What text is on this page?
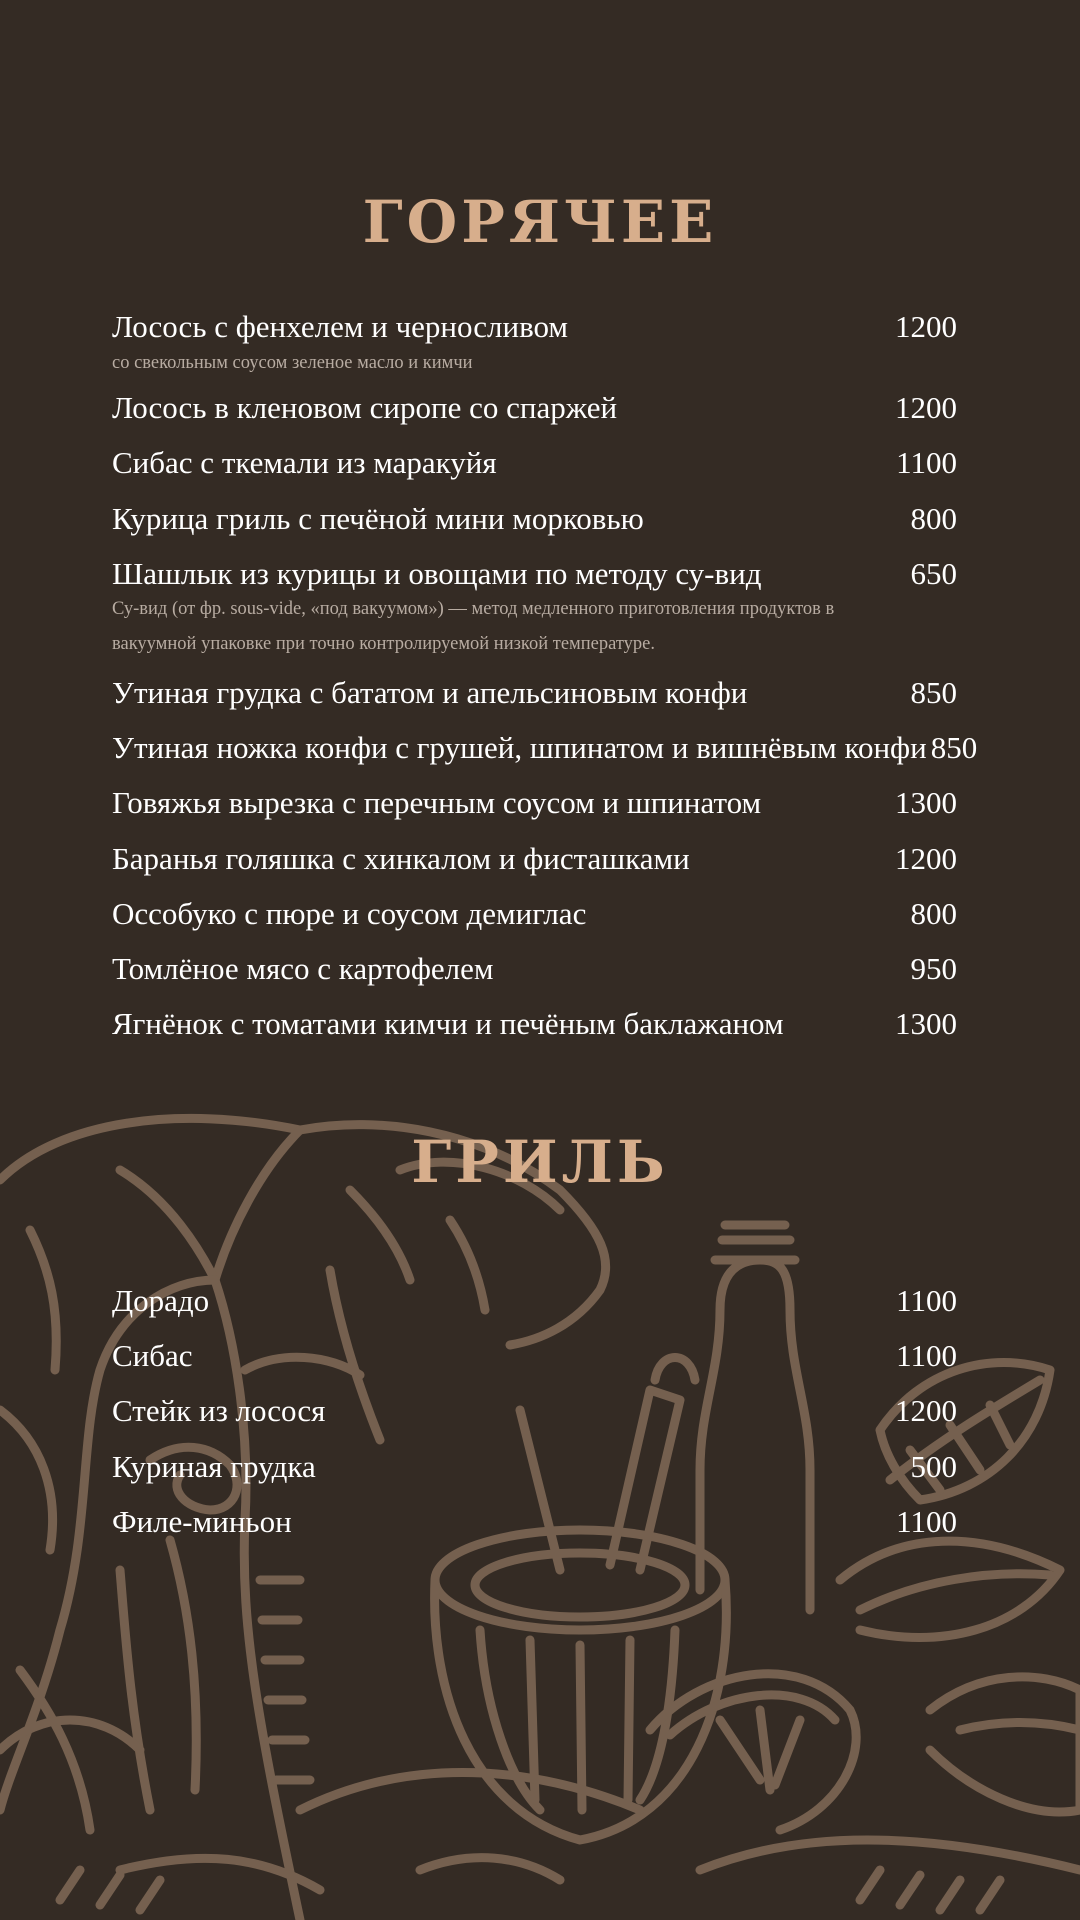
ГОРЯЧЕЕ
Лосось с фенхелем и черносливом	1200
со свекольным соусом зеленое масло и кимчи
Лосось в кленовом сиропе со спаржей	1200
Сибас с ткемали из маракуйя	1100
Курица гриль с печёной мини морковью	800
Шашлык из курицы и овощами по методу су-вид	650
Су-вид (от фр. sous-vide, «под вакуумом») — метод медленного приготовления продуктов в
вакуумной упаковке при точно контролируемой низкой температуре.
Утиная грудка с бататом и апельсиновым конфи	850
Утиная ножка конфи с грушей, шпинатом и вишнёвым конфи 850
Говяжья вырезка с перечным соусом и шпинатом	1300
Баранья голяшка с хинкалом и фисташками	1200
Оссобуко с пюре и соусом демиглас	800
Томлёное мясо с картофелем	950
Ягнёнок с томатами кимчи и печёным баклажаном	1300
ГРИЛЬ
Дорадо	1100
Сибас	1100
Стейк из лосося	1200
Куриная грудка	500
Филе-миньон	1100
